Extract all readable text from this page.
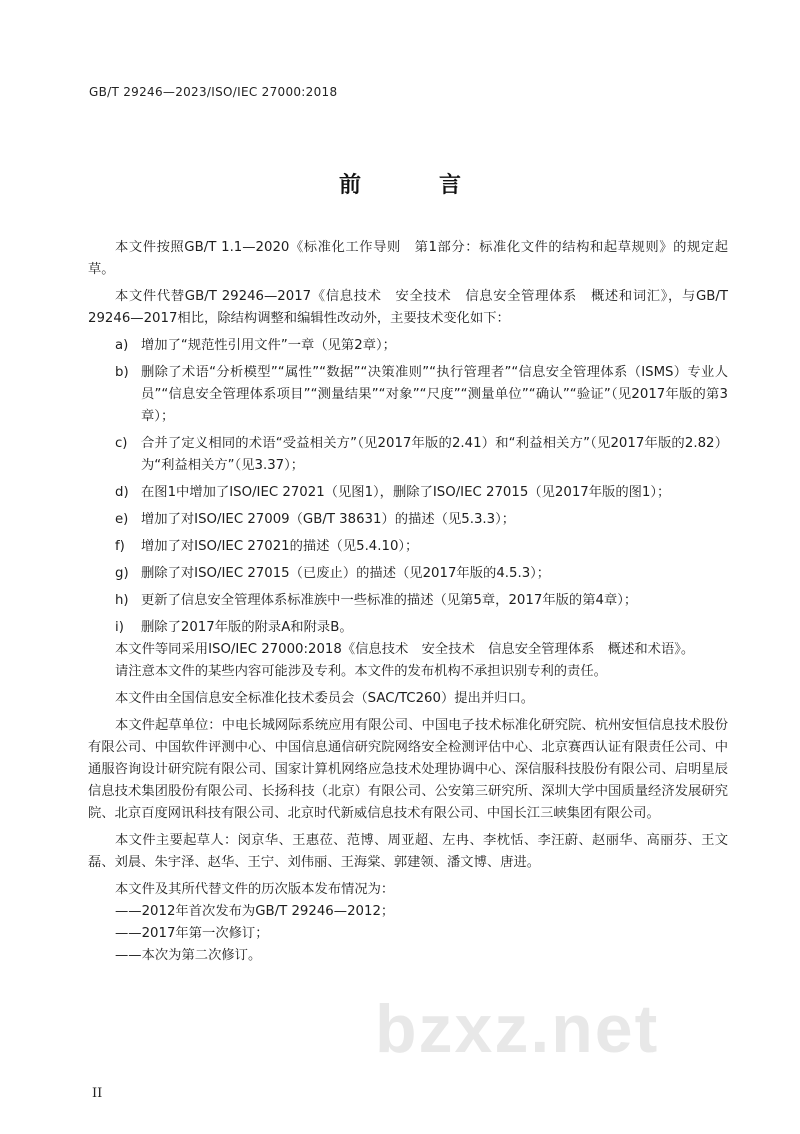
GB/T 29246—2023/ISO/IEC 27000:2018
前　言

本文件按照GB/T 1.1—2020《标准化工作导则　第1部分：标准化文件的结构和起草规则》的规定起草。

本文件代替GB/T 29246—2017《信息技术　安全技术　信息安全管理体系　概述和词汇》，与GB/T 29246—2017相比，除结构调整和编辑性改动外，主要技术变化如下：

a) 增加了“规范性引用文件”一章（见第2章）；
b) 删除了术语“分析模型”“属性”“数据”“决策准则”“执行管理者”“信息安全管理体系（ISMS）专业人员”“信息安全管理体系项目”“测量结果”“对象”“尺度”“测量单位”“确认”“验证”（见2017年版的第3章）；
c) 合并了定义相同的术语“受益相关方”（见2017年版的2.41）和“利益相关方”（见2017年版的2.82）为“利益相关方”（见3.37）；
d) 在图1中增加了ISO/IEC 27021（见图1），删除了ISO/IEC 27015（见2017年版的图1）；
e) 增加了对ISO/IEC 27009（GB/T 38631）的描述（见5.3.3）；
f) 增加了对ISO/IEC 27021的描述（见5.4.10）；
g) 删除了对ISO/IEC 27015（已废止）的描述（见2017年版的4.5.3）；
h) 更新了信息安全管理体系标准族中一些标准的描述（见第5章，2017年版的第4章）；
i) 删除了2017年版的附录A和附录B。

本文件等同采用ISO/IEC 27000:2018《信息技术　安全技术　信息安全管理体系　概述和术语》。

请注意本文件的某些内容可能涉及专利。本文件的发布机构不承担识别专利的责任。

本文件由全国信息安全标准化技术委员会（SAC/TC260）提出并归口。

本文件起草单位：中电长城网际系统应用有限公司、中国电子技术标准化研究院、杭州安恒信息技术股份有限公司、中国软件评测中心、中国信息通信研究院网络安全检测评估中心、北京赛西认证有限责任公司、中通服咨询设计研究院有限公司、国家计算机网络应急技术处理协调中心、深信服科技股份有限公司、启明星辰信息技术集团股份有限公司、长扬科技（北京）有限公司、公安第三研究所、深圳大学中国质量经济发展研究院、北京百度网讯科技有限公司、北京时代新威信息技术有限公司、中国长江三峡集团有限公司。

本文件主要起草人：闵京华、王惠莅、范博、周亚超、左冉、李枕恬、李汪蔚、赵丽华、高丽芬、王文磊、刘晨、朱宇泽、赵华、王宁、刘伟丽、王海棠、郭建领、潘文博、唐进。

本文件及其所代替文件的历次版本发布情况为：

——2012年首次发布为GB/T 29246—2012；
——2017年第一次修订；
——本次为第二次修订。
bzxz.net
II
